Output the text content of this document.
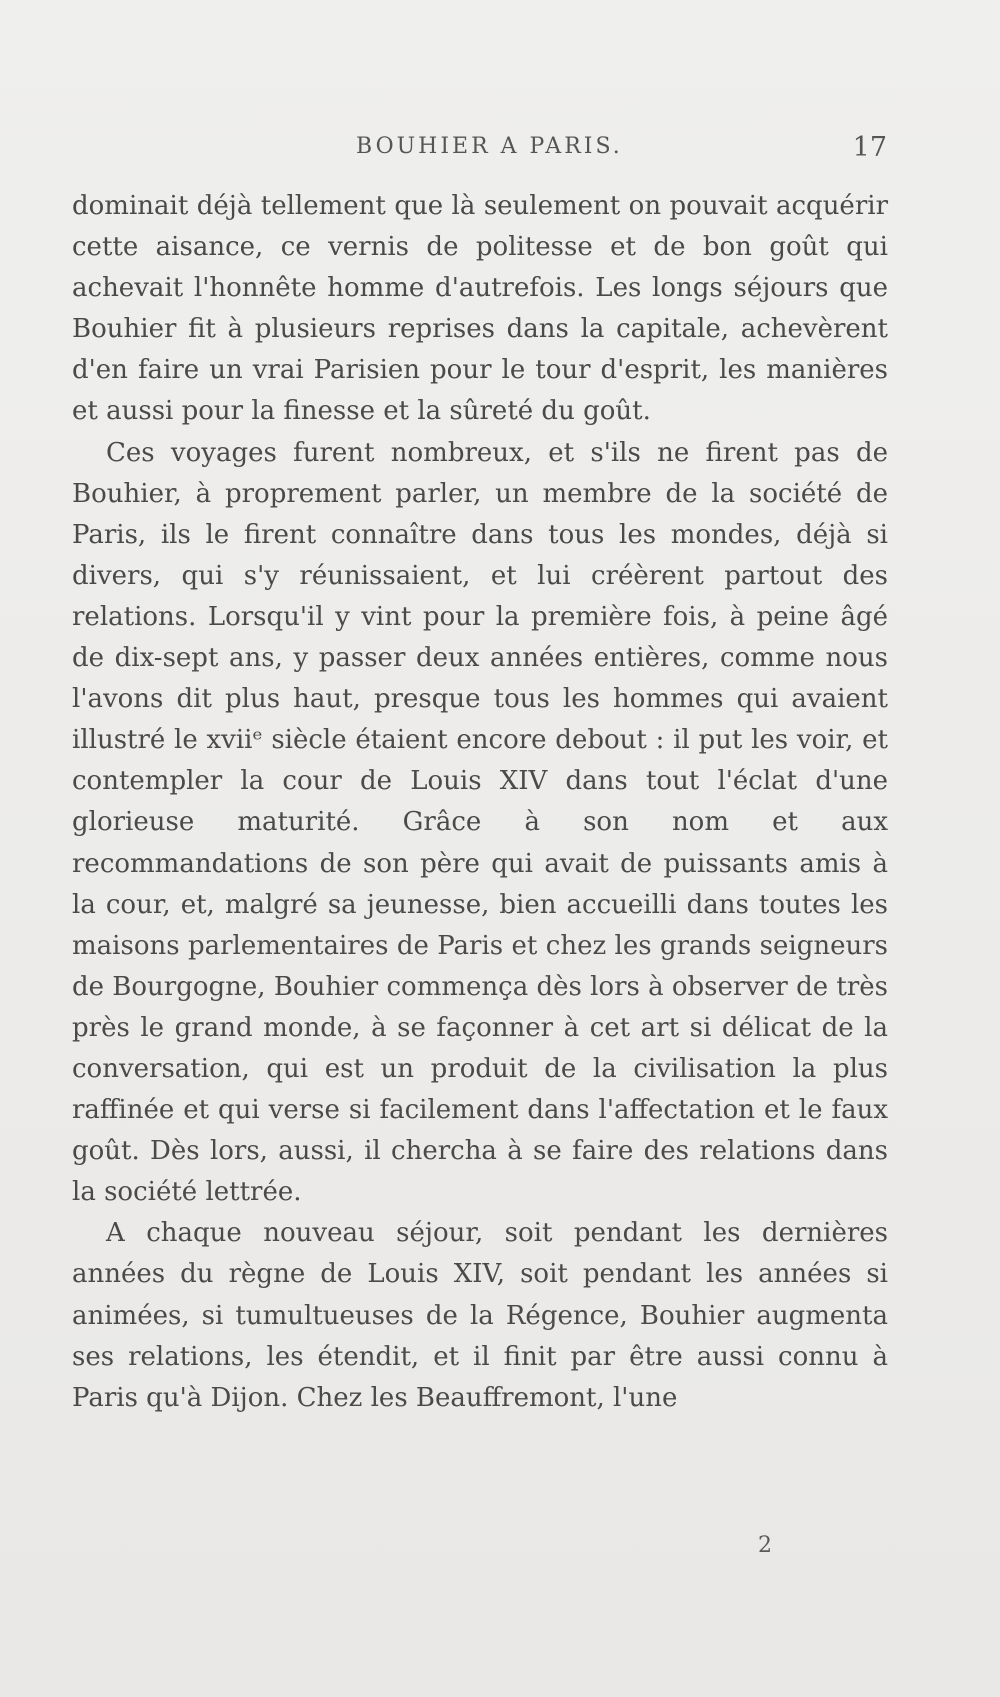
BOUHIER A PARIS.	17

dominait déjà tellement que là seulement on pouvait acquérir cette aisance, ce vernis de politesse et de bon goût qui achevait l'honnête homme d'autrefois. Les longs séjours que Bouhier fit à plusieurs reprises dans la capitale, achevèrent d'en faire un vrai Parisien pour le tour d'esprit, les manières et aussi pour la finesse et la sûreté du goût.

Ces voyages furent nombreux, et s'ils ne firent pas de Bouhier, à proprement parler, un membre de la société de Paris, ils le firent connaître dans tous les mondes, déjà si divers, qui s'y réunissaient, et lui créèrent partout des relations. Lorsqu'il y vint pour la première fois, à peine âgé de dix-sept ans, y passer deux années entières, comme nous l'avons dit plus haut, presque tous les hommes qui avaient illustré le xviiᵉ siècle étaient encore debout : il put les voir, et contempler la cour de Louis XIV dans tout l'éclat d'une glorieuse maturité. Grâce à son nom et aux recommandations de son père qui avait de puissants amis à la cour, et, malgré sa jeunesse, bien accueilli dans toutes les maisons parlementaires de Paris et chez les grands seigneurs de Bourgogne, Bouhier commença dès lors à observer de très près le grand monde, à se façonner à cet art si délicat de la conversation, qui est un produit de la civilisation la plus raffinée et qui verse si facilement dans l'affectation et le faux goût. Dès lors, aussi, il chercha à se faire des relations dans la société lettrée.

A chaque nouveau séjour, soit pendant les dernières années du règne de Louis XIV, soit pendant les années si animées, si tumultueuses de la Régence, Bouhier augmenta ses relations, les étendit, et il finit par être aussi connu à Paris qu'à Dijon. Chez les Beauffremont, l'une

2
